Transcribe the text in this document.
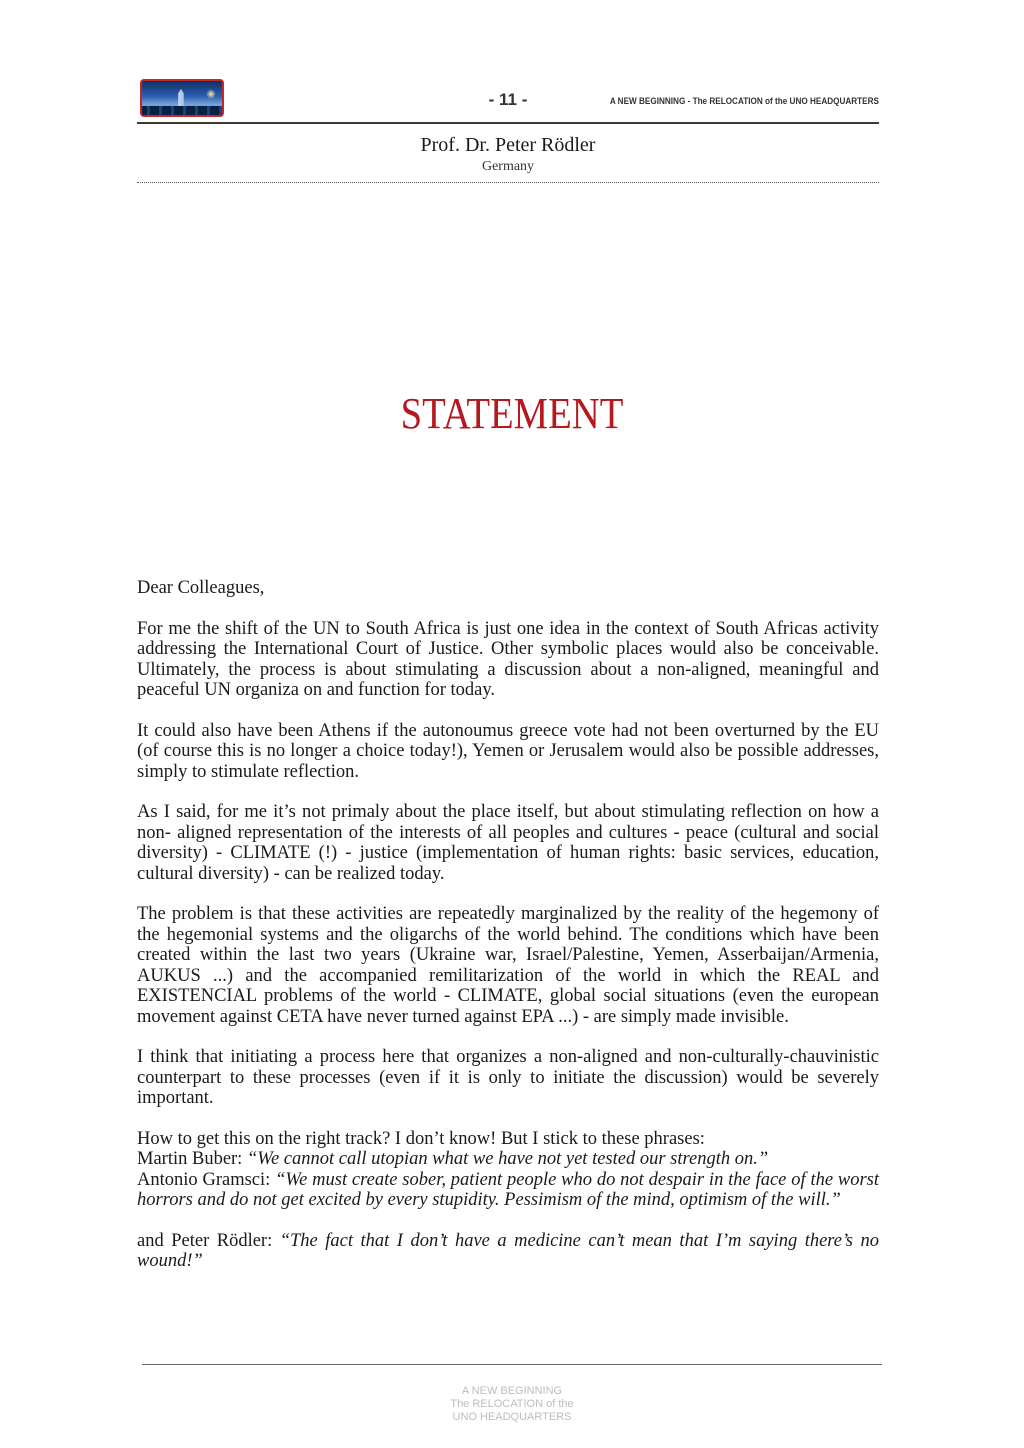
- 11 -	A NEW BEGINNING - The RELOCATION of the UNO HEADQUARTERS
Prof. Dr. Peter Rödler
Germany
STATEMENT

Dear Colleagues,

For me the shift of the UN to South Africa is just one idea in the context of South Africas activity addressing the International Court of Justice. Other symbolic places would also be conceivable. Ultimately, the process is about stimulating a discussion about a non-aligned, meaningful and peaceful UN organiza on and function for today.

It could also have been Athens if the autonoumus greece vote had not been overturned by the EU (of course this is no longer a choice today!), Yemen or Jerusalem would also be possible addresses, simply to stimulate reflection.

As I said, for me it’s not primaly about the place itself, but about stimulating reflection on how a non- aligned representation of the interests of all peoples and cultures - peace (cultural and social diversity) - CLIMATE (!) - justice (implementation of human rights: basic services, education, cultural diversity) - can be realized today.

The problem is that these activities are repeatedly marginalized by the reality of the hegemony of the hegemonial systems and the oligarchs of the world behind. The conditions which have been created within the last two years (Ukraine war, Israel/Palestine, Yemen, Asserbaijan/Armenia, AUKUS ...) and the accompanied remilitarization of the world in which the REAL and EXISTENCIAL problems of the world - CLIMATE, global social situations (even the european movement against CETA have never turned against EPA ...) - are simply made invisible.

I think that initiating a process here that organizes a non-aligned and non-culturally-chauvinistic counterpart to these processes (even if it is only to initiate the discussion) would be severely important.

How to get this on the right track? I don’t know! But I stick to these phrases:

Martin Buber: “We cannot call utopian what we have not yet tested our strength on.”

Antonio Gramsci: “We must create sober, patient people who do not despair in the face of the worst horrors and do not get excited by every stupidity. Pessimism of the mind, optimism of the will.”

and Peter Rödler: “The fact that I don’t have a medicine can’t mean that I’m saying there’s no wound!”

A NEW BEGINNING
The RELOCATION of the
UNO HEADQUARTERS
